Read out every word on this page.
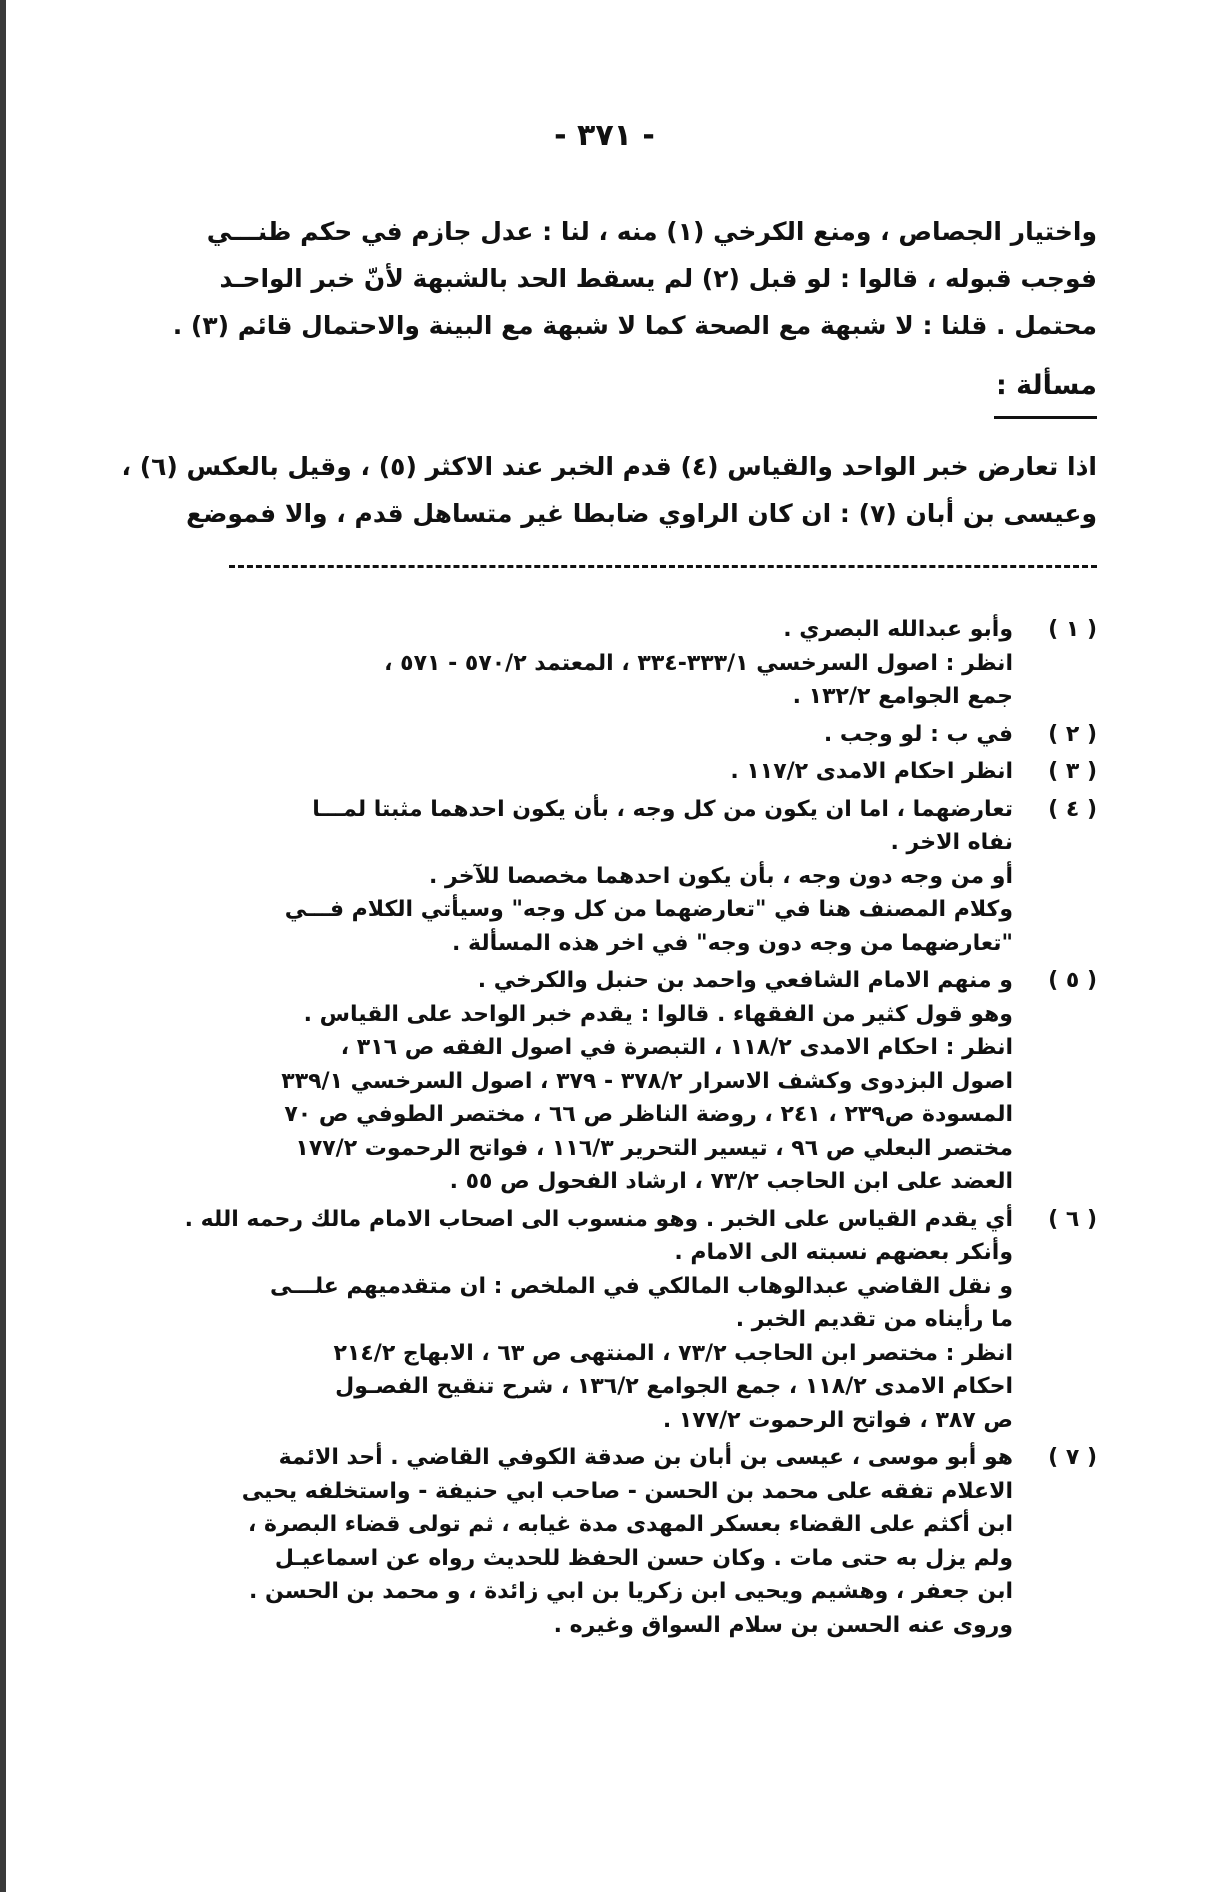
- ٣٧١ -
واختيار الجصاص ، ومنع الكرخي (١) منه ، لنا : عدل جازم في حكم ظنـــي
فوجب قبوله ، قالوا : لو قبل (٢) لم يسقط الحد بالشبهة لأنّ خبر الواحـد
محتمل . قلنا : لا شبهة مع الصحة كما لا شبهة مع البينة والاحتمال قائم (٣) .
مسألة :
اذا تعارض خبر الواحد والقياس (٤) قدم الخبر عند الاكثر (٥) ، وقيل بالعكس (٦) ،
وعيسى بن أبان (٧) : ان كان الراوي ضابطا غير متساهل قدم ، والا فموضع
( ١ )
وأبو عبدالله البصري .
انظر : اصول السرخسي ٣٣٣/١-٣٣٤ ، المعتمد ٥٧٠/٢ - ٥٧١ ،
جمع الجوامع ١٣٢/٢ .
( ٢ )
في ب : لو وجب .
( ٣ )
انظر احكام الامدى ١١٧/٢ .
( ٤ )
تعارضهما ، اما ان يكون من كل وجه ، بأن يكون احدهما مثبتا لمـــا
نفاه الاخر .
أو من وجه دون وجه ، بأن يكون احدهما مخصصا للآخر .
وكلام المصنف هنا في "تعارضهما من كل وجه" وسيأتي الكلام فـــي
"تعارضهما من وجه دون وجه" في اخر هذه المسألة .
( ٥ )
و منهم الامام الشافعي واحمد بن حنبل والكرخي .
وهو قول كثير من الفقهاء . قالوا : يقدم خبر الواحد على القياس .
انظر : احكام الامدى ١١٨/٢ ، التبصرة في اصول الفقه ص ٣١٦ ،
اصول البزدوى وكشف الاسرار ٣٧٨/٢ - ٣٧٩ ، اصول السرخسي ٣٣٩/١
المسودة ص٢٣٩ ، ٢٤١ ، روضة الناظر ص ٦٦ ، مختصر الطوفي ص ٧٠
مختصر البعلي ص ٩٦ ، تيسير التحرير ١١٦/٣ ، فواتح الرحموت ١٧٧/٢
العضد على ابن الحاجب ٧٣/٢ ، ارشاد الفحول ص ٥٥ .
( ٦ )
أي يقدم القياس على الخبر . وهو منسوب الى اصحاب الامام مالك رحمه الله .
وأنكر بعضهم نسبته الى الامام .
و نقل القاضي عبدالوهاب المالكي في الملخص : ان متقدميهم علـــى
ما رأيناه من تقديم الخبر .
انظر : مختصر ابن الحاجب ٧٣/٢ ، المنتهى ص ٦٣ ، الابهاج ٢١٤/٢
احكام الامدى ١١٨/٢ ، جمع الجوامع ١٣٦/٢ ، شرح تنقيح الفصـول
ص ٣٨٧ ، فواتح الرحموت ١٧٧/٢ .
( ٧ )
هو أبو موسى ، عيسى بن أبان بن صدقة الكوفي القاضي . أحد الائمة
الاعلام تفقه على محمد بن الحسن - صاحب ابي حنيفة - واستخلفه يحيى
ابن أكثم على القضاء بعسكر المهدى مدة غيابه ، ثم تولى قضاء البصرة ،
ولم يزل به حتى مات . وكان حسن الحفظ للحديث رواه عن اسماعيـل
ابن جعفر ، وهشيم ويحيى ابن زكريا بن ابي زائدة ، و محمد بن الحسن .
وروى عنه الحسن بن سلام السواق وغيره .
